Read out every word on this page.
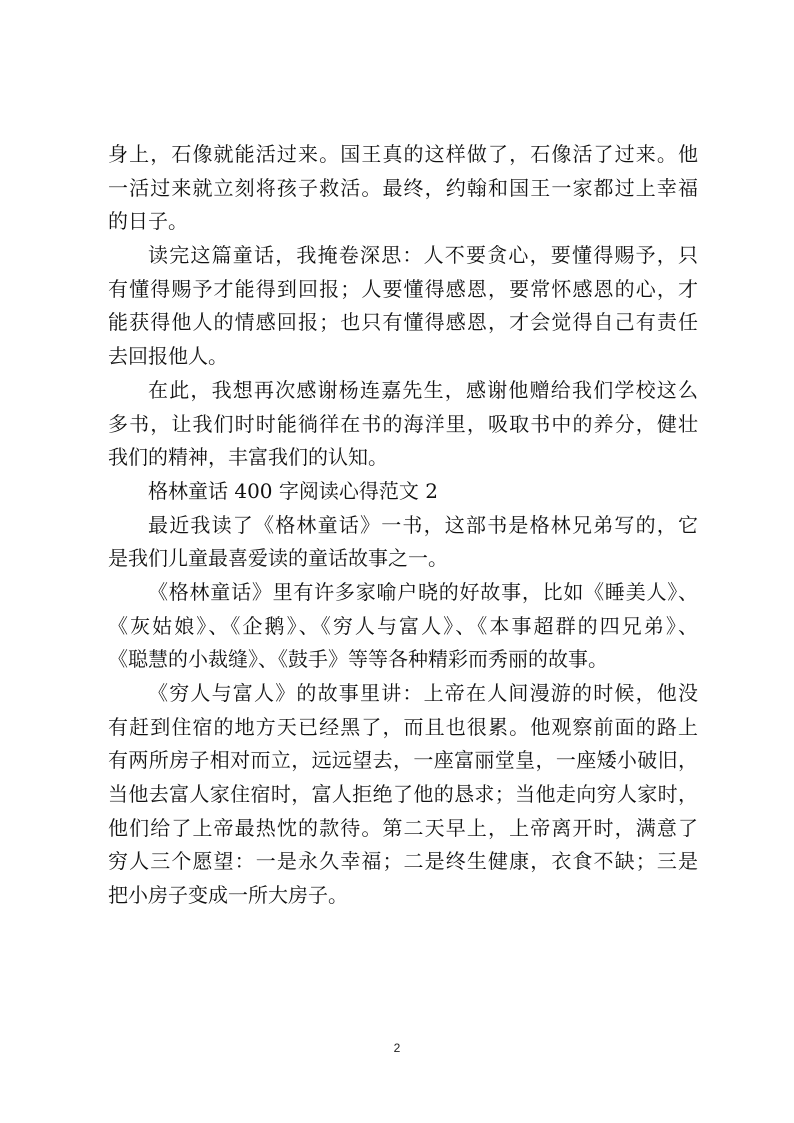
身上，石像就能活过来。国王真的这样做了，石像活了过来。他
一活过来就立刻将孩子救活。最终，约翰和国王一家都过上幸福
的日子。
读完这篇童话，我掩卷深思：人不要贪心，要懂得赐予，只
有懂得赐予才能得到回报；人要懂得感恩，要常怀感恩的心，才
能获得他人的情感回报；也只有懂得感恩，才会觉得自己有责任
去回报他人。
在此，我想再次感谢杨连嘉先生，感谢他赠给我们学校这么
多书，让我们时时能徜徉在书的海洋里，吸取书中的养分，健壮
我们的精神，丰富我们的认知。
格林童话 400 字阅读心得范文 2
最近我读了《格林童话》一书，这部书是格林兄弟写的，它
是我们儿童最喜爱读的童话故事之一。
《格林童话》里有许多家喻户晓的好故事，比如《睡美人》、
《灰姑娘》、《企鹅》、《穷人与富人》、《本事超群的四兄弟》、
《聪慧的小裁缝》、《鼓手》等等各种精彩而秀丽的故事。
《穷人与富人》的故事里讲：上帝在人间漫游的时候，他没
有赶到住宿的地方天已经黑了，而且也很累。他观察前面的路上
有两所房子相对而立，远远望去，一座富丽堂皇，一座矮小破旧，
当他去富人家住宿时，富人拒绝了他的恳求；当他走向穷人家时，
他们给了上帝最热忱的款待。第二天早上，上帝离开时，满意了
穷人三个愿望：一是永久幸福；二是终生健康，衣食不缺；三是
把小房子变成一所大房子。
2
